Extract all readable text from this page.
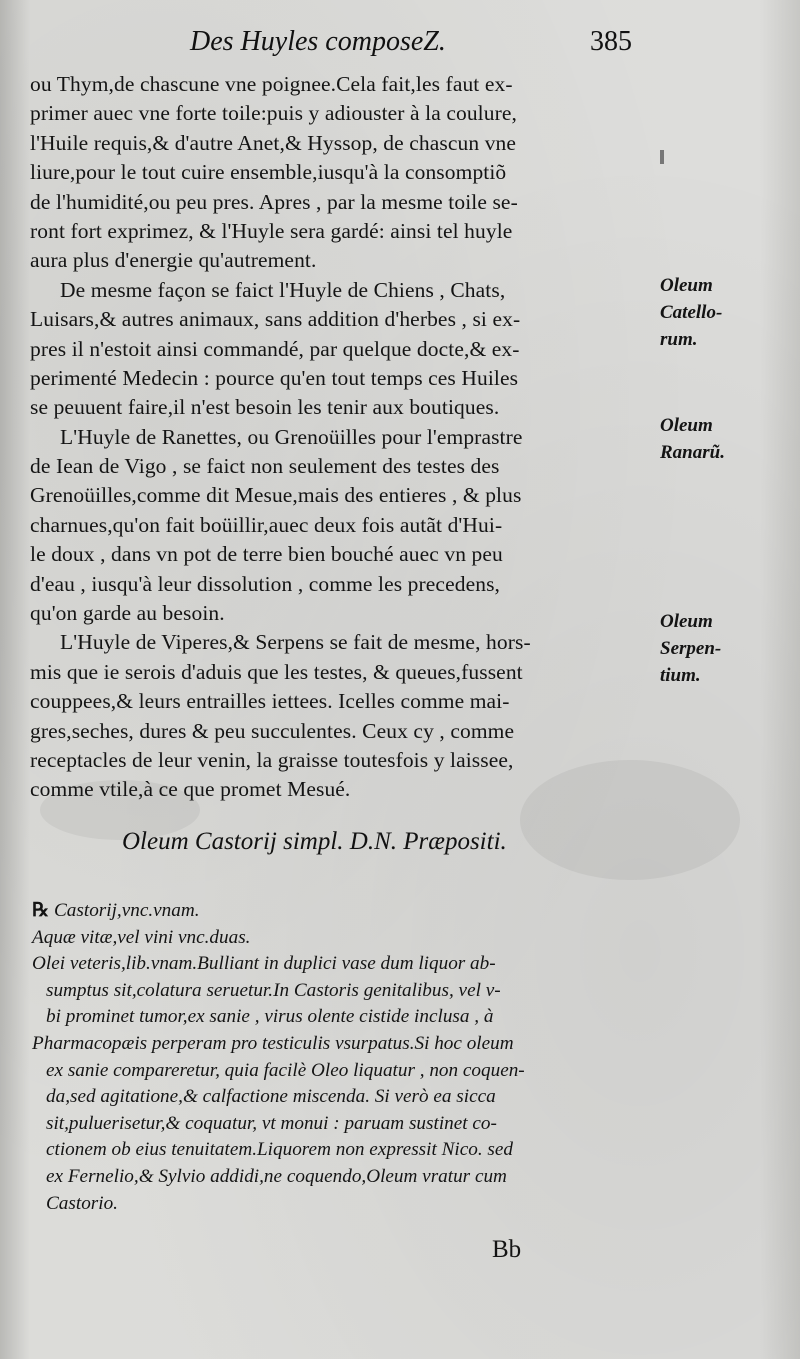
Des Huyles composeZ.	385
ou Thym,de chascune vne poignee.Cela fait,les faut ex-
primer auec vne forte toile:puis y adiouster à la coulure,
l'Huile requis,& d'autre Anet,& Hyssop, de chascun vne
liure,pour le tout cuire ensemble,iusqu'à la consomptiõ
de l'humidité,ou peu pres. Apres , par la mesme toile se-
ront fort exprimez, & l'Huyle sera gardé: ainsi tel huyle
aura plus d'energie qu'autrement.
De mesme façon se faict l'Huyle de Chiens , Chats,
Luisars,& autres animaux, sans addition d'herbes , si ex-
pres il n'estoit ainsi commandé, par quelque docte,& ex-
perimenté Medecin : pource qu'en tout temps ces Huiles
se peuuent faire,il n'est besoin les tenir aux boutiques.
L'Huyle de Ranettes, ou Grenoüilles pour l'emprastre
de Iean de Vigo , se faict non seulement des testes des
Grenoüilles,comme dit Mesue,mais des entieres , & plus
charnues,qu'on fait boüillir,auec deux fois autãt d'Hui-
le doux , dans vn pot de terre bien bouché auec vn peu
d'eau , iusqu'à leur dissolution , comme les precedens,
qu'on garde au besoin.
L'Huyle de Viperes,& Serpens se fait de mesme, hors-
mis que ie serois d'aduis que les testes, & queues,fussent
couppees,& leurs entrailles iettees. Icelles comme mai-
gres,seches, dures & peu succulentes. Ceux cy , comme
receptacles de leur venin, la graisse toutesfois y laissee,
comme vtile,à ce que promet Mesué.
Oleum
Catello-
rum.
Oleum
Ranarũ.
Oleum
Serpen-
tium.
Oleum Castorij simpl. D.N. Præpositi.
℞ Castorij,vnc.vnam.
Aquæ vitæ,vel vini vnc.duas.
Olei veteris,lib.vnam.Bulliant in duplici vase dum liquor ab-
sumptus sit,colatura seruetur.In Castoris genitalibus, vel v-
bi prominet tumor,ex sanie , virus olente cistide inclusa , à
Pharmacopæis perperam pro testiculis vsurpatus.Si hoc oleum
ex sanie compareretur, quia facilè Oleo liquatur , non coquen-
da,sed agitatione,& calfactione miscenda. Si verò ea sicca
sit,puluerisetur,& coquatur, vt monui : paruam sustinet co-
ctionem ob eius tenuitatem.Liquorem non expressit Nico. sed
ex Fernelio,& Sylvio addidi,ne coquendo,Oleum vratur cum
Castorio.
Bb
